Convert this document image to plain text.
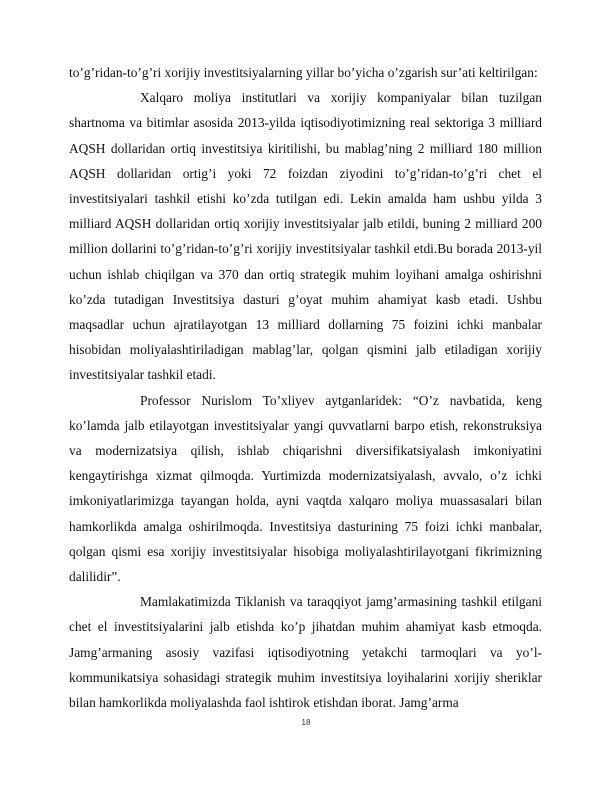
to’g’ridan-to’g’ri xorijiy investitsiyalarning yillar bo’yicha o’zgarish sur’ati keltirilgan:

Xalqaro moliya institutlari va xorijiy kompaniyalar bilan tuzilgan shartnoma va bitimlar asosida 2013-yilda iqtisodiyotimizning real sektoriga 3 milliard AQSH dollaridan ortiq investitsiya kiritilishi, bu mablag’ning 2 milliard 180 million AQSH dollaridan ortig’i yoki 72 foizdan ziyodini to’g’ridan-to’g’ri chet el investitsiyalari tashkil etishi ko’zda tutilgan edi. Lekin amalda ham ushbu yilda 3 milliard AQSH dollaridan ortiq xorijiy investitsiyalar jalb etildi, buning 2 milliard 200 million dollarini to’g’ridan-to’g’ri xorijiy investitsiyalar tashkil etdi.Bu borada 2013-yil uchun ishlab chiqilgan va 370 dan ortiq strategik muhim loyihani amalga oshirishni ko’zda tutadigan Investitsiya dasturi g’oyat muhim ahamiyat kasb etadi. Ushbu maqsadlar uchun ajratilayotgan 13 milliard dollarning 75 foizini ichki manbalar hisobidan moliyalashtiriladigan mablag’lar, qolgan qismini jalb etiladigan xorijiy investitsiyalar tashkil etadi.

Professor Nurislom To’xliyev aytganlaridek: “O’z navbatida, keng ko’lamda jalb etilayotgan investitsiyalar yangi quvvatlarni barpo etish, rekonstruksiya va modernizatsiya qilish, ishlab chiqarishni diversifikatsiyalash imkoniyatini kengaytirishga xizmat qilmoqda. Yurtimizda modernizatsiyalash, avvalo, o’z ichki imkoniyatlarimizga tayangan holda, ayni vaqtda xalqaro moliya muassasalari bilan hamkorlikda amalga oshirilmoqda. Investitsiya dasturining 75 foizi ichki manbalar, qolgan qismi esa xorijiy investitsiyalar hisobiga moliyalashtirilayotgani fikrimizning dalilidir”.

Mamlakatimizda Tiklanish va taraqqiyot jamg’armasining tashkil etilgani chet el investitsiyalarini jalb etishda ko’p jihatdan muhim ahamiyat kasb etmoqda. Jamg’armaning asosiy vazifasi iqtisodiyotning yetakchi tarmoqlari va yo’l-kommunikatsiya sohasidagi strategik muhim investitsiya loyihalarini xorijiy sheriklar bilan hamkorlikda moliyalashda faol ishtirok etishdan iborat. Jamg’arma

18
